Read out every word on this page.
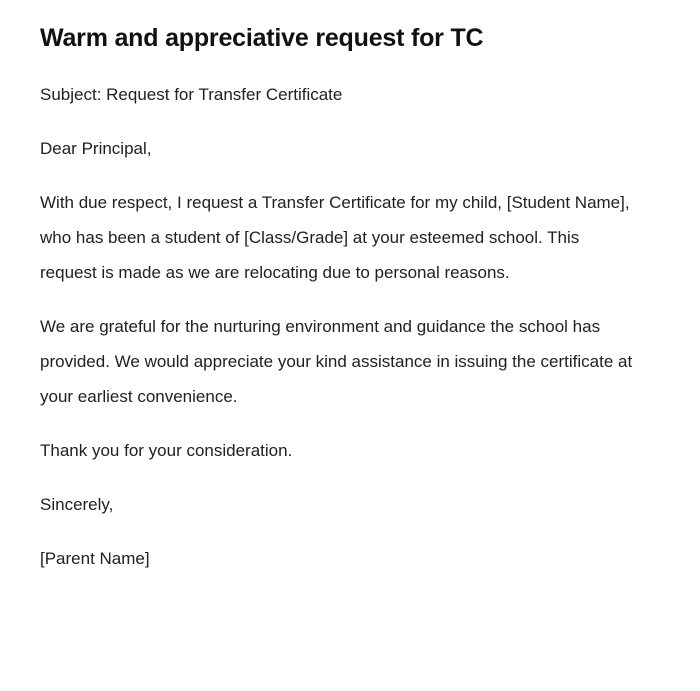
Warm and appreciative request for TC

Subject: Request for Transfer Certificate

Dear Principal,

With due respect, I request a Transfer Certificate for my child, [Student Name], who has been a student of [Class/Grade] at your esteemed school. This request is made as we are relocating due to personal reasons.

We are grateful for the nurturing environment and guidance the school has provided. We would appreciate your kind assistance in issuing the certificate at your earliest convenience.

Thank you for your consideration.

Sincerely,

[Parent Name]
